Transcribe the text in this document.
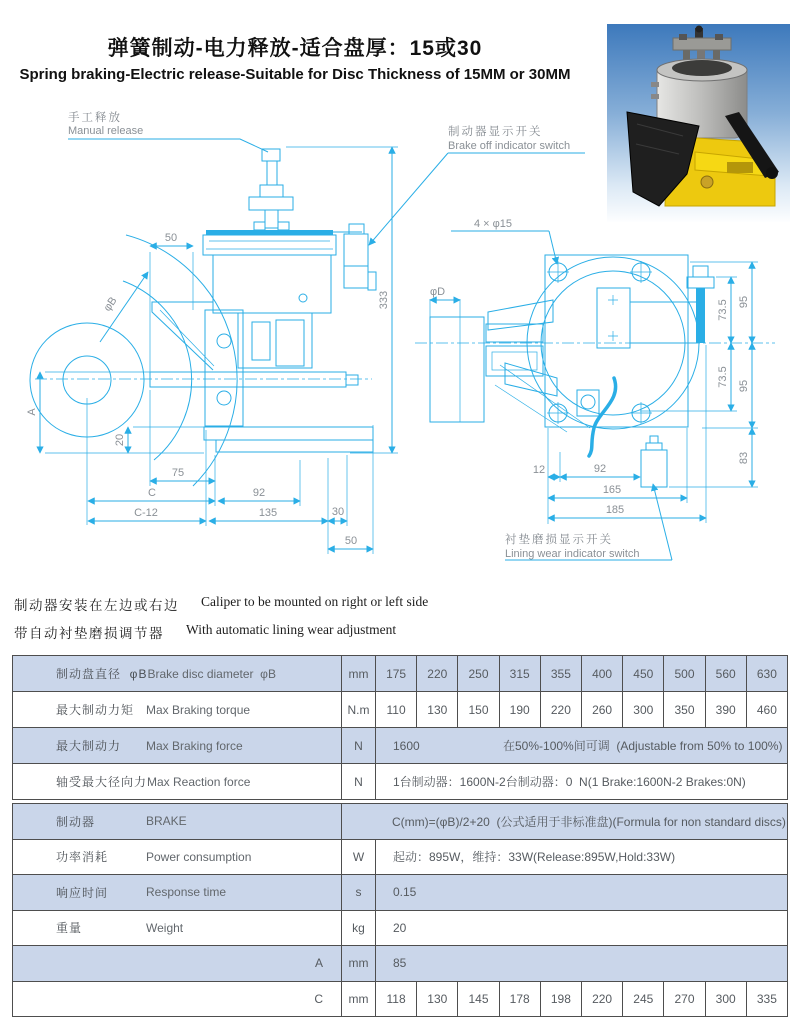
弹簧制动-电力释放-适合盘厚：15或30
Spring braking-Electric release-Suitable for Disc Thickness of 15MM or 30MM
手工释放
Manual release
φB
50
333
A
20
75
C	92
C-12	135	30
50
制动器显示开关
Brake off indicator switch
4 × φ15
φD
73.5
73.5
95
95
83
12	92
165
185
衬垫磨损显示开关
Lining wear indicator switch
制动器安装在左边或右边 Caliper to be mounted on right or left side
带自动衬垫磨损调节器 With automatic lining wear adjustment
制动盘直径  φB Brake disc diameter  φB	mm	175	220	250	315	355	400	450	500	560	630
最大制动力矩 Max Braking torque	N.m	110	130	150	190	220	260	300	350	390	460
最大制动力	Max Braking force	N	1600	在50%-100%间可调  (Adjustable from 50% to 100%)
轴受最大径向力 Max Reaction force	N	1台制动器：1600N-2台制动器：0  N(1 Brake:1600N-2 Brakes:0N)
制动器	BRAKE	C(mm)=(φB)/2+20  (公式适用于非标准盘)(Formula for non standard discs)
功率消耗	Power consumption	W	起动：895W，维持：33W(Release:895W,Hold:33W)
响应时间	Response time	s	0.15
重量	Weight	kg	20
A	mm	85
C	mm	118	130	145	178	198	220	245	270	300	335
